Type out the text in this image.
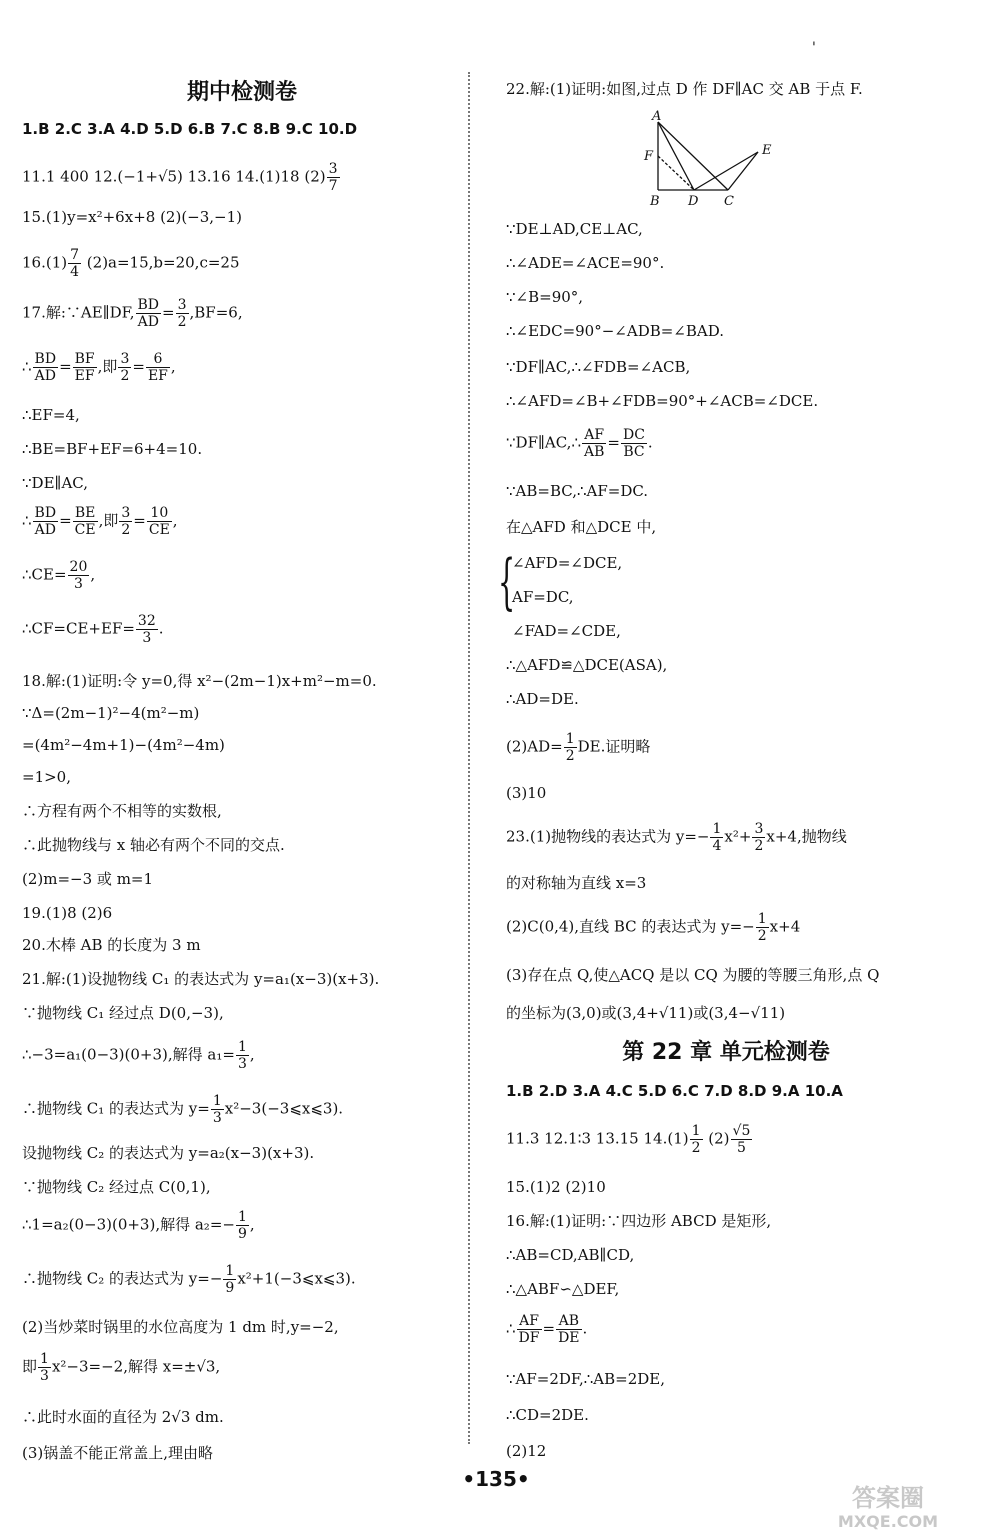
'
期中检测卷
1.B 2.C 3.A 4.D 5.D 6.B 7.C 8.B 9.C 10.D
11.1 400 12.(−1+√5) 13.16 14.(1)18 $(2) \frac{3}{7}$
15.(1)y=x²+6x+8 (2)(−3,−1)
$16.(1) \frac{7}{4} (2)a=15,b=20,c=25$
17.解:∵AE∥DF, $\frac{BD}{AD} = \frac{3}{2} ,BF=6$,
∴ $\frac{BD}{AD} = \frac{BF}{EF}$ ,即 $\frac{3}{2} = \frac{6}{EF}$ ,
∴EF=4,
∴BE=BF+EF=6+4=10.
∵DE∥AC,
∴ $\frac{BD}{AD} = \frac{BE}{CE}$ ,即 $\frac{3}{2} = \frac{10}{CE}$ ,
∴CE= $\frac{20}{3}$ ,
∴CF=CE+EF= $\frac{32}{3}$ .
18.解:(1)证明:令 y=0,得 x²−(2m−1)x+m²−m=0.
∵Δ=(2m−1)²−4(m²−m)
=(4m²−4m+1)−(4m²−4m)
=1>0,
∴方程有两个不相等的实数根,
∴此抛物线与 x 轴必有两个不同的交点.
(2)m=−3 或 m=1
19.(1)8 (2)6
20.木棒 AB 的长度为 3 m
21.解:(1)设抛物线 C₁ 的表达式为 y=a₁(x−3)(x+3).
∵抛物线 C₁ 经过点 D(0,−3),
∴−3=a₁(0−3)(0+3),解得 $a_1= \frac{1}{3}$ ,
∴抛物线 C₁ 的表达式为 $y= \frac{1}{3}$ x²−3(−3⩽x⩽3).
设抛物线 C₂ 的表达式为 y=a₂(x−3)(x+3).
∵抛物线 C₂ 经过点 C(0,1),
∴1=a₂(0−3)(0+3),解得 $a_2=- \frac{1}{9}$ ,
∴抛物线 C₂ 的表达式为 $y=- \frac{1}{9}$ x²+1(−3⩽x⩽3).
(2)当炒菜时锅里的水位高度为 1 dm 时,y=−2,
即 $\frac{1}{3} x^2-3=-2$,解得 x=±√3,
∴此时水面的直径为 2√3 dm.
(3)锅盖不能正常盖上,理由略
22.解:(1)证明:如图,过点 D 作 DF∥AC 交 AB 于点 F.
A
F
B D C
E
∵DE⊥AD,CE⊥AC,
∴∠ADE=∠ACE=90°.
∵∠B=90°,
∴∠EDC=90°−∠ADB=∠BAD.
∵DF∥AC,∴∠FDB=∠ACB,
∴∠AFD=∠B+∠FDB=90°+∠ACB=∠DCE.
∵DF∥AC,∴ $\frac{AF}{AB} = \frac{DC}{BC}$ .
∵AB=BC,∴AF=DC.
在△AFD 和△DCE 中,
{
∠AFD=∠DCE,
AF=DC,
∠FAD=∠CDE,
∴△AFD≌△DCE(ASA),
∴AD=DE.
$(2)AD= \frac{1}{2}$ DE.证明略
(3)10
23.(1)抛物线的表达式为 $y=- \frac{1}{4} x^2+ \frac{3}{2} x+4$,抛物线
的对称轴为直线 x=3
(2)C(0,4),直线 BC 的表达式为 $y=- \frac{1}{2} x+4$
(3)存在点 Q,使△ACQ 是以 CQ 为腰的等腰三角形,点 Q
的坐标为(3,0)或(3,4+√11)或(3,4−√11)
第 22 章 单元检测卷
1.B 2.D 3.A 4.C 5.D 6.C 7.D 8.D 9.A 10.A
11.3 12.1∶3 13.15 $14.(1) \frac{1}{2} (2) \frac{√5}{5}$
15.(1)2 (2)10
16.解:(1)证明:∵四边形 ABCD 是矩形,
∴AB=CD,AB∥CD,
∴△ABF∽△DEF,
∴ $\frac{AF}{DF} = \frac{AB}{DE}$ .
∵AF=2DF,∴AB=2DE,
∴CD=2DE.
(2)12
•135•
答案圈
MXQE.COM
